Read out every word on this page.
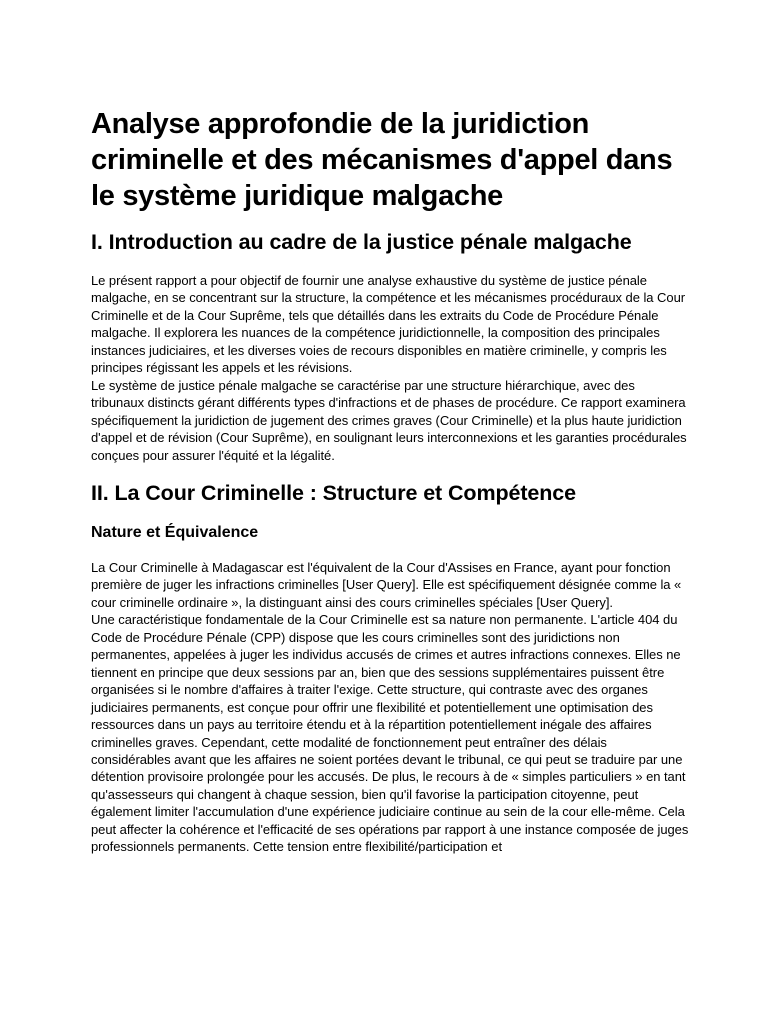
Analyse approfondie de la juridiction criminelle et des mécanismes d'appel dans le système juridique malgache
I. Introduction au cadre de la justice pénale malgache

Le présent rapport a pour objectif de fournir une analyse exhaustive du système de justice pénale malgache, en se concentrant sur la structure, la compétence et les mécanismes procéduraux de la Cour Criminelle et de la Cour Suprême, tels que détaillés dans les extraits du Code de Procédure Pénale malgache. Il explorera les nuances de la compétence juridictionnelle, la composition des principales instances judiciaires, et les diverses voies de recours disponibles en matière criminelle, y compris les principes régissant les appels et les révisions.

Le système de justice pénale malgache se caractérise par une structure hiérarchique, avec des tribunaux distincts gérant différents types d'infractions et de phases de procédure. Ce rapport examinera spécifiquement la juridiction de jugement des crimes graves (Cour Criminelle) et la plus haute juridiction d'appel et de révision (Cour Suprême), en soulignant leurs interconnexions et les garanties procédurales conçues pour assurer l'équité et la légalité.

II. La Cour Criminelle : Structure et Compétence
Nature et Équivalence

La Cour Criminelle à Madagascar est l'équivalent de la Cour d'Assises en France, ayant pour fonction première de juger les infractions criminelles [User Query]. Elle est spécifiquement désignée comme la « cour criminelle ordinaire », la distinguant ainsi des cours criminelles spéciales [User Query].

Une caractéristique fondamentale de la Cour Criminelle est sa nature non permanente. L'article 404 du Code de Procédure Pénale (CPP) dispose que les cours criminelles sont des juridictions non permanentes, appelées à juger les individus accusés de crimes et autres infractions connexes. Elles ne tiennent en principe que deux sessions par an, bien que des sessions supplémentaires puissent être organisées si le nombre d'affaires à traiter l'exige. Cette structure, qui contraste avec des organes judiciaires permanents, est conçue pour offrir une flexibilité et potentiellement une optimisation des ressources dans un pays au territoire étendu et à la répartition potentiellement inégale des affaires criminelles graves. Cependant, cette modalité de fonctionnement peut entraîner des délais considérables avant que les affaires ne soient portées devant le tribunal, ce qui peut se traduire par une détention provisoire prolongée pour les accusés. De plus, le recours à de « simples particuliers » en tant qu'assesseurs qui changent à chaque session, bien qu'il favorise la participation citoyenne, peut également limiter l'accumulation d'une expérience judiciaire continue au sein de la cour elle-même. Cela peut affecter la cohérence et l'efficacité de ses opérations par rapport à une instance composée de juges professionnels permanents. Cette tension entre flexibilité/participation et
